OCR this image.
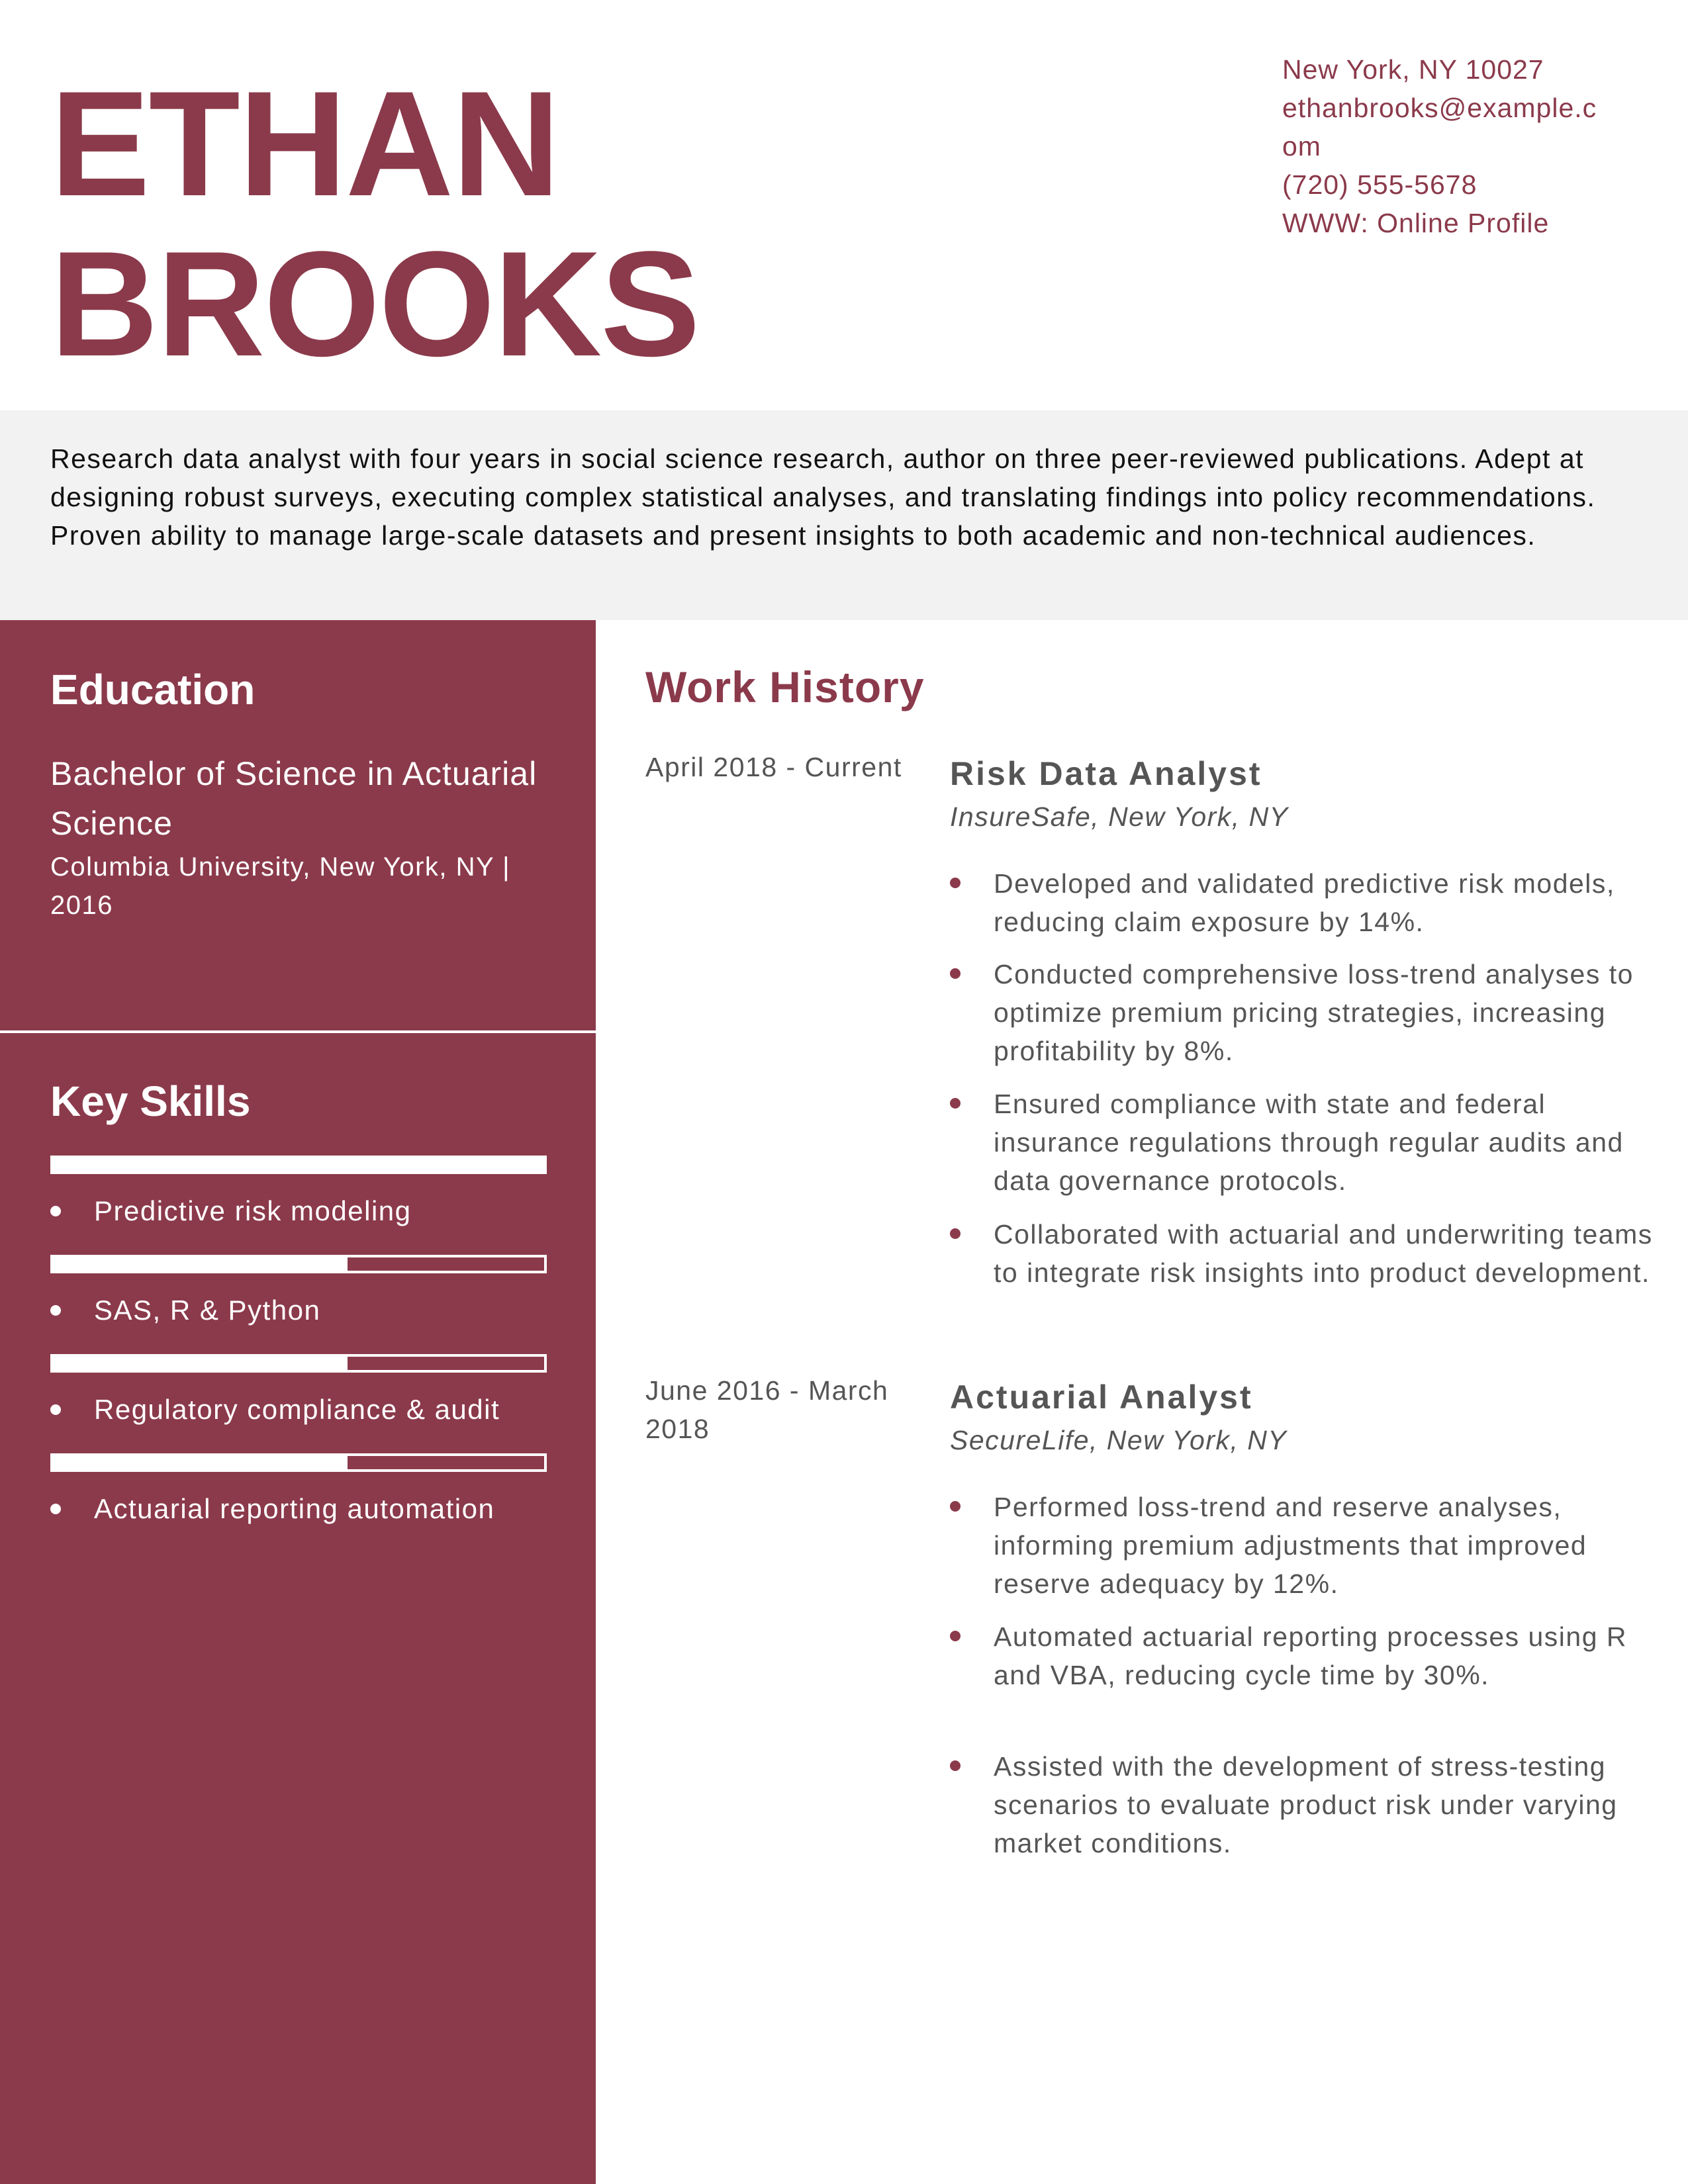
ETHAN
BROOKS
New York, NY 10027
ethanbrooks@example.c
om
(720) 555-5678
WWW: Online Profile
Research data analyst with four years in social science research, author on three peer-reviewed publications. Adept at designing robust surveys, executing complex statistical analyses, and translating findings into policy recommendations. Proven ability to manage large-scale datasets and present insights to both academic and non-technical audiences.
Education
Bachelor of Science in Actuarial Science
Columbia University, New York, NY | 2016
Key Skills
Predictive risk modeling
SAS, R & Python
Regulatory compliance & audit
Actuarial reporting automation
Work History
April 2018 - Current	Risk Data Analyst
InsureSafe, New York, NY
Developed and validated predictive risk models, reducing claim exposure by 14%.
Conducted comprehensive loss-trend analyses to optimize premium pricing strategies, increasing profitability by 8%.
Ensured compliance with state and federal insurance regulations through regular audits and data governance protocols.
Collaborated with actuarial and underwriting teams to integrate risk insights into product development.
June 2016 - March 2018
Actuarial Analyst
SecureLife, New York, NY
Performed loss-trend and reserve analyses, informing premium adjustments that improved reserve adequacy by 12%.
Automated actuarial reporting processes using R and VBA, reducing cycle time by 30%.
Assisted with the development of stress-testing scenarios to evaluate product risk under varying market conditions.
